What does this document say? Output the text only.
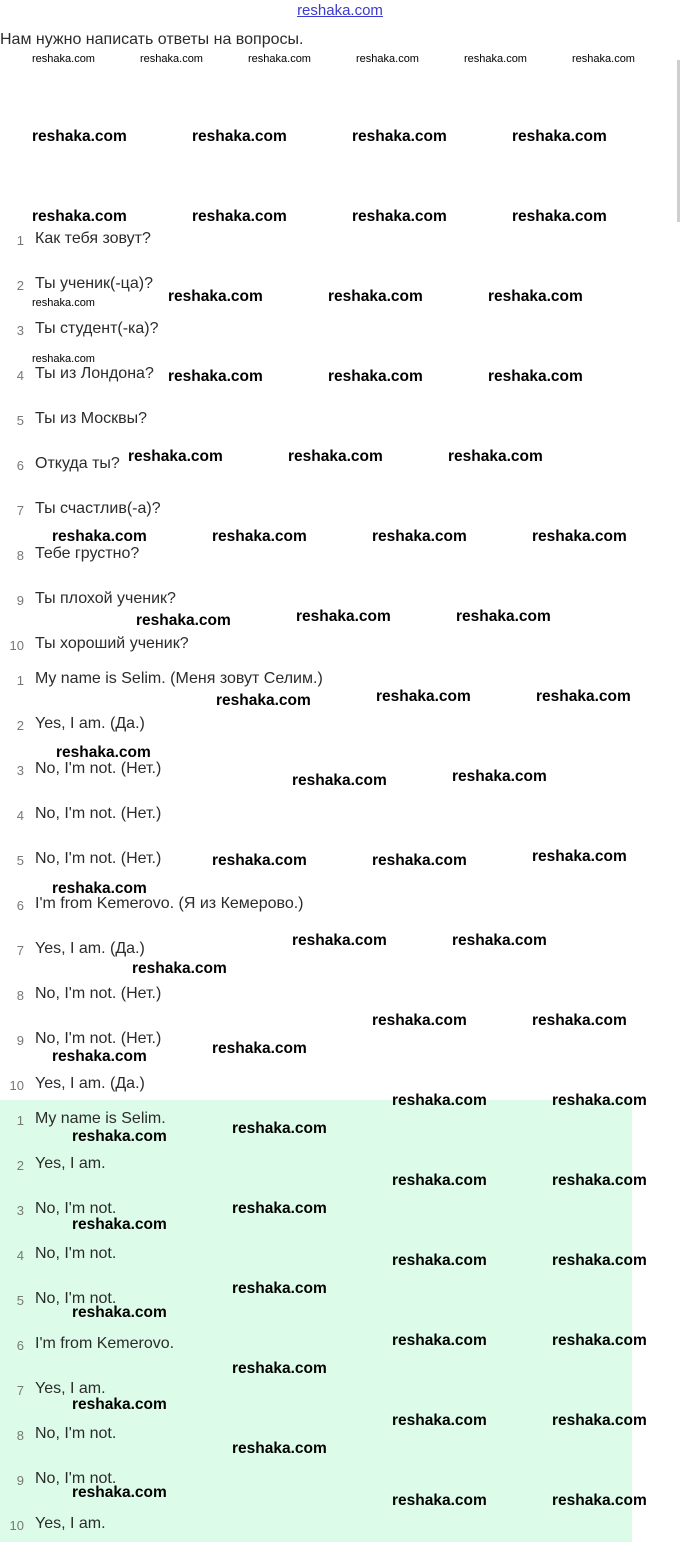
reshaka.com
Нам нужно написать ответы на вопросы.
1 Как тебя зовут?
2 Ты ученик(-ца)?
3 Ты студент(-ка)?
4 Ты из Лондона?
5 Ты из Москвы?
6 Откуда ты?
7 Ты счастлив(-а)?
8 Тебе грустно?
9 Ты плохой ученик?
10 Ты хороший ученик?
1 My name is Selim. (Меня зовут Селим.)
2 Yes, I am. (Да.)
3 No, I'm not. (Нет.)
4 No, I'm not. (Нет.)
5 No, I'm not. (Нет.)
6 I'm from Kemerovo. (Я из Кемерово.)
7 Yes, I am. (Да.)
8 No, I'm not. (Нет.)
9 No, I'm not. (Нет.)
10 Yes, I am. (Да.)
1 My name is Selim.
2 Yes, I am.
3 No, I'm not.
4 No, I'm not.
5 No, I'm not.
6 I'm from Kemerovo.
7 Yes, I am.
8 No, I'm not.
9 No, I'm not.
10 Yes, I am.
reshaka.com	reshaka.com	reshaka.com	reshaka.com	reshaka.com	reshaka.com
reshaka.com	reshaka.com	reshaka.com	reshaka.com
reshaka.com	reshaka.com	reshaka.com	reshaka.com
reshaka.com	reshaka.com	reshaka.com	reshaka.com
reshaka.com
reshaka.com	reshaka.com	reshaka.com
reshaka.com	reshaka.com	reshaka.com
reshaka.com	reshaka.com	reshaka.com	reshaka.com
reshaka.com	reshaka.com	reshaka.com
reshaka.com	reshaka.com	reshaka.com
reshaka.com
reshaka.com	reshaka.com
reshaka.com	reshaka.com	reshaka.com
reshaka.com
reshaka.com	reshaka.com
reshaka.com
reshaka.com	reshaka.com
reshaka.com	reshaka.com
reshaka.com	reshaka.com
reshaka.com	reshaka.com
reshaka.com	reshaka.com
reshaka.com
reshaka.com
reshaka.com	reshaka.com
reshaka.com
reshaka.com
reshaka.com	reshaka.com
reshaka.com
reshaka.com
reshaka.com	reshaka.com
reshaka.com
reshaka.com	reshaka.com	reshaka.com
